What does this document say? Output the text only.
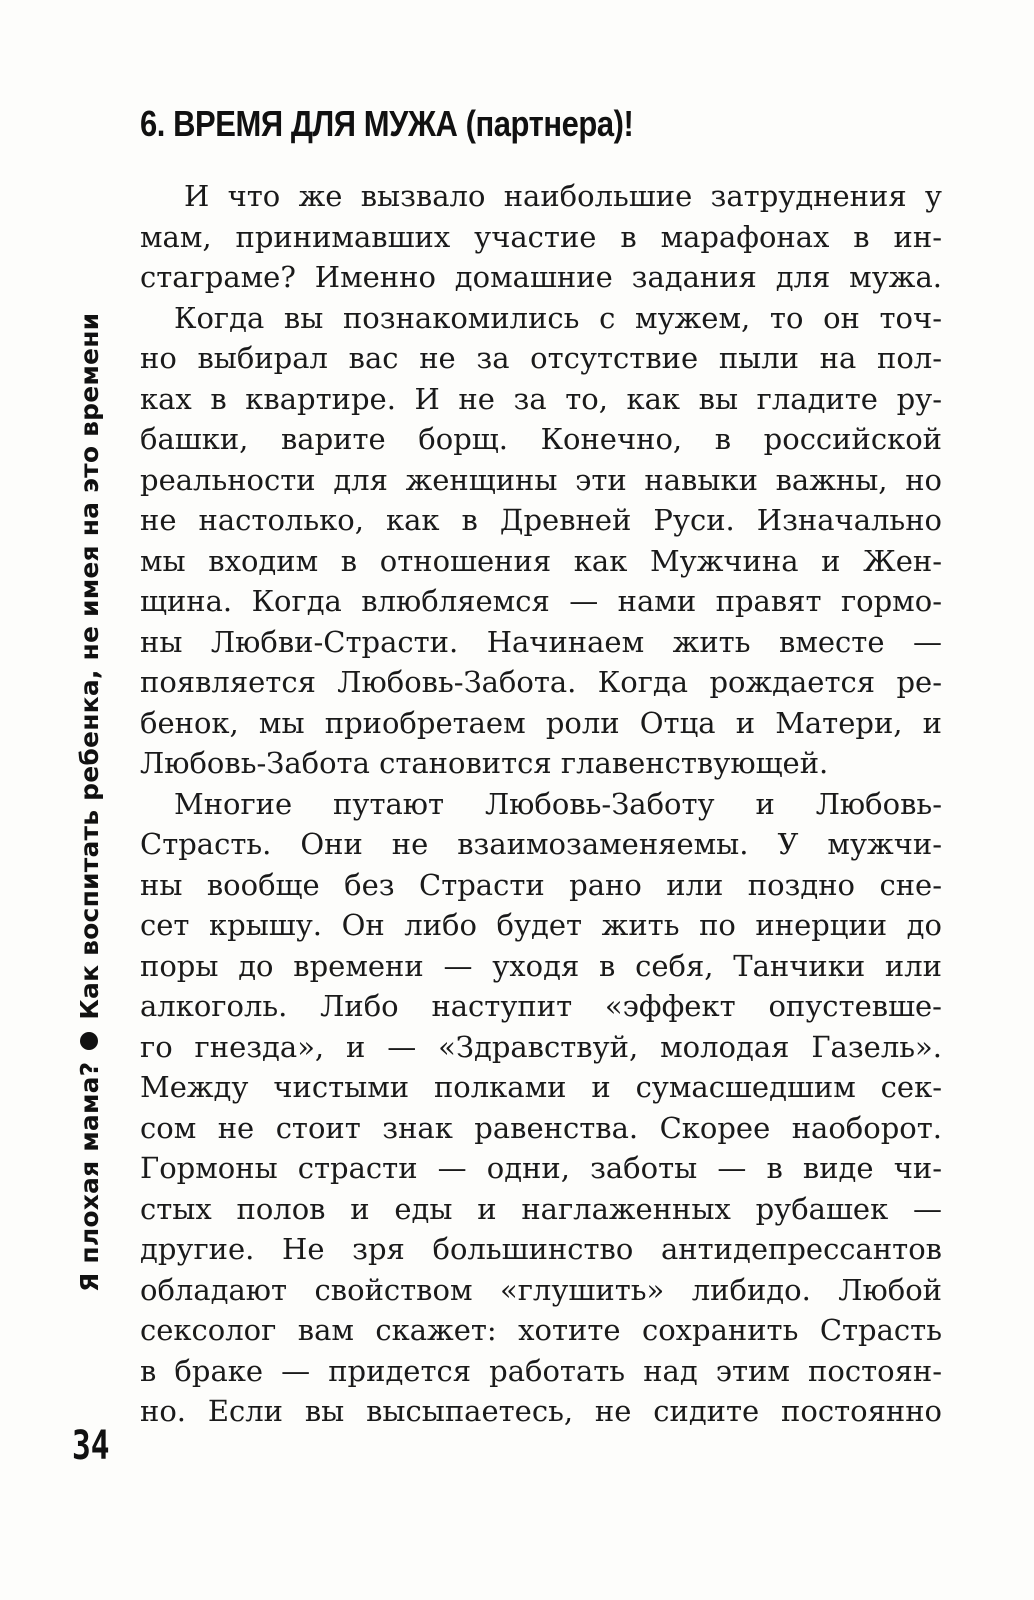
Я плохая мама?Как воспитать ребенка, не имея на это времени
34
6. ВРЕМЯ ДЛЯ МУЖА (партнера)!

И что же вызвало наибольшие затруднения у
мам, принимавших участие в марафонах в ин-
стаграме? Именно домашние задания для мужа.

Когда вы познакомились с мужем, то он точ-
но выбирал вас не за отсутствие пыли на пол-
ках в квартире. И не за то, как вы гладите ру-
башки, варите борщ. Конечно, в российской
реальности для женщины эти навыки важны, но
не настолько, как в Древней Руси. Изначально
мы входим в отношения как Мужчина и Жен-
щина. Когда влюбляемся — нами правят гормо-
ны Любви-Страсти. Начинаем жить вместе —
появляется Любовь-Забота. Когда рождается ре-
бенок, мы приобретаем роли Отца и Матери, и
Любовь-Забота становится главенствующей.

Многие путают Любовь-Заботу и Любовь-
Страсть. Они не взаимозаменяемы. У мужчи-
ны вообще без Страсти рано или поздно сне-
сет крышу. Он либо будет жить по инерции до
поры до времени — уходя в себя, Танчики или
алкоголь. Либо наступит «эффект опустевше-
го гнезда», и — «Здравствуй, молодая Газель».
Между чистыми полками и сумасшедшим сек-
сом не стоит знак равенства. Скорее наоборот.
Гормоны страсти — одни, заботы — в виде чи-
стых полов и еды и наглаженных рубашек —
другие. Не зря большинство антидепрессантов
обладают свойством «глушить» либидо. Любой
сексолог вам скажет: хотите сохранить Страсть
в браке — придется работать над этим постоян-
но. Если вы высыпаетесь, не сидите постоянно
